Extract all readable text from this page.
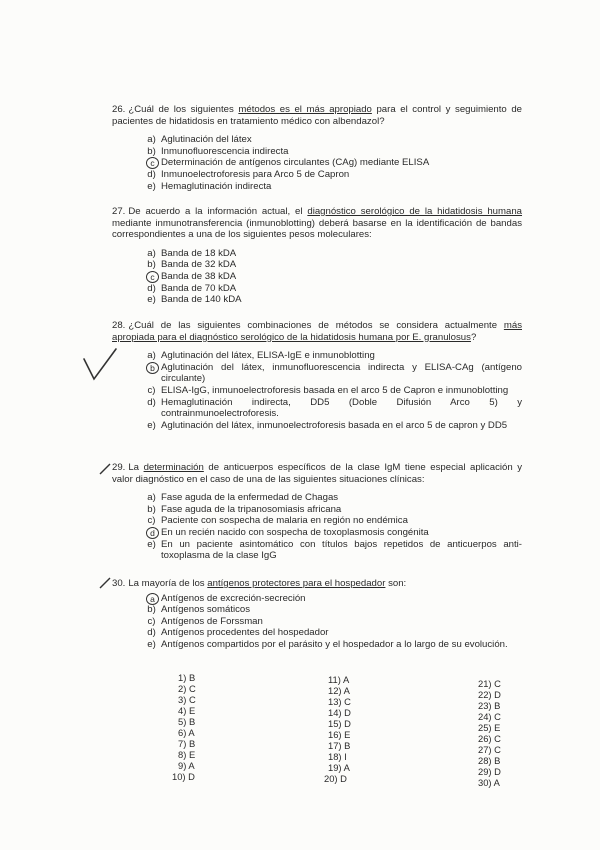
26. ¿Cuál de los siguientes métodos es el más apropiado para el control y seguimiento de pacientes de hidatidosis en tratamiento médico con albendazol?
a) Aglutinación del látex
b) Inmunofluorescencia indirecta
c Determinación de antígenos circulantes (CAg) mediante ELISA
d) Inmunoelectroforesis para Arco 5 de Capron
e) Hemaglutinación indirecta
27. De acuerdo a la información actual, el diagnóstico serológico de la hidatidosis humana mediante inmunotransferencia (inmunoblotting) deberá basarse en la identificación de bandas correspondientes a una de los siguientes pesos moleculares:
a) Banda de 18 kDA
b) Banda de 32 kDA
c Banda de 38 kDA
d) Banda de 70 kDA
e) Banda de 140 kDA
28. ¿Cuál de las siguientes combinaciones de métodos se considera actualmente más apropiada para el diagnóstico serológico de la hidatidosis humana por E. granulosus?
a) Aglutinación del látex, ELISA-IgE e inmunoblotting
b Aglutinación del látex, inmunofluorescencia indirecta y ELISA-CAg (antígeno circulante)
c) ELISA-IgG, inmunoelectroforesis basada en el arco 5 de Capron e inmunoblotting
d) Hemaglutinación indirecta, DD5 (Doble Difusión Arco 5) y contrainmunoelectroforesis.
e) Aglutinación del látex, inmunoelectroforesis basada en el arco 5 de capron y DD5
29. La determinación de anticuerpos específicos de la clase IgM tiene especial aplicación y valor diagnóstico en el caso de una de las siguientes situaciones clínicas:
a) Fase aguda de la enfermedad de Chagas
b) Fase aguda de la tripanosomiasis africana
c) Paciente con sospecha de malaria en región no endémica
d En un recién nacido con sospecha de toxoplasmosis congénita
e) En un paciente asintomático con títulos bajos repetidos de anticuerpos anti-toxoplasma de la clase IgG
30. La mayoría de los antígenos protectores para el hospedador son:
a Antígenos de excreción-secreción
b) Antígenos somáticos
c) Antígenos de Forssman
d) Antígenos procedentes del hospedador
e) Antígenos compartidos por el parásito y el hospedador a lo largo de su evolución.
1) B
2) C
3) C
4) E
5) B
6) A
7) B
8) E
9) A
10) D
11) A
12) A
13) C
14) D
15) D
16) E
17) B
18) I
19) A
20) D
21) C
22) D
23) B
24) C
25) E
26) C
27) C
28) B
29) D
30) A
